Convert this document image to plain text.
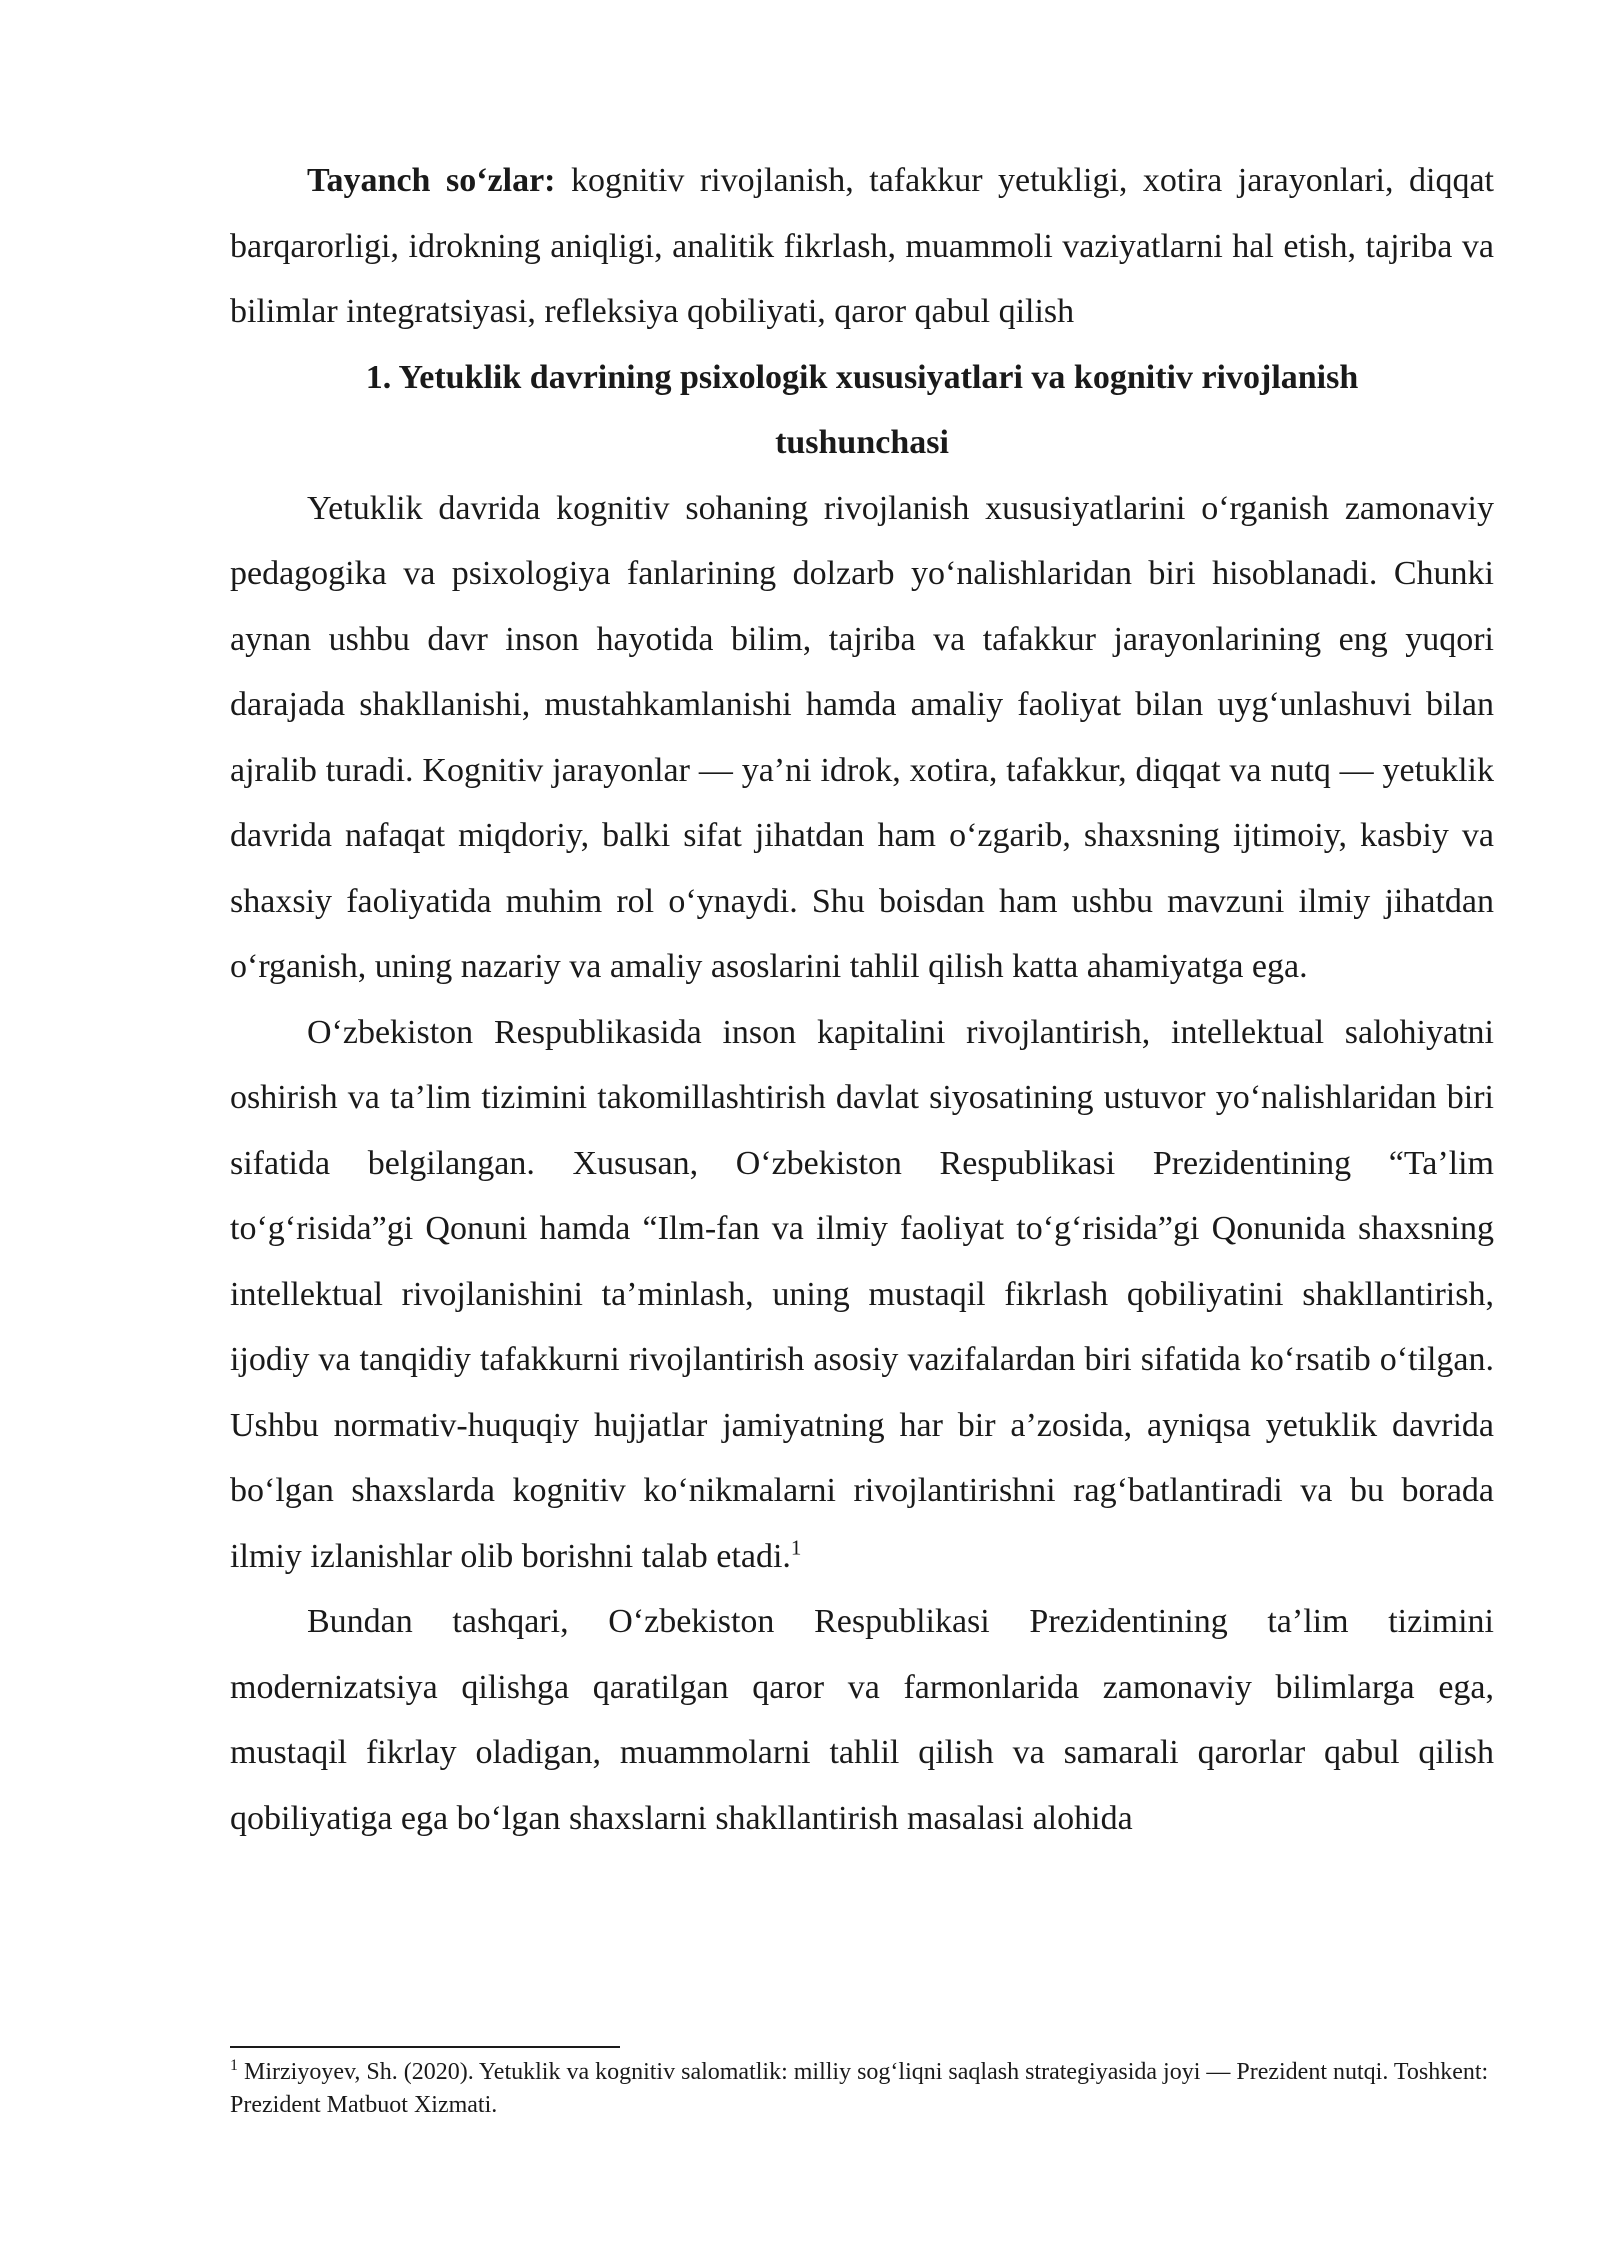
Tayanch so‘zlar: kognitiv rivojlanish, tafakkur yetukligi, xotira jarayonlari, diqqat barqarorligi, idrokning aniqligi, analitik fikrlash, muammoli vaziyatlarni hal etish, tajriba va bilimlar integratsiyasi, refleksiya qobiliyati, qaror qabul qilish

1. Yetuklik davrining psixologik xususiyatlari va kognitiv rivojlanish tushunchasi

Yetuklik davrida kognitiv sohaning rivojlanish xususiyatlarini o‘rganish zamonaviy pedagogika va psixologiya fanlarining dolzarb yo‘nalishlaridan biri hisoblanadi. Chunki aynan ushbu davr inson hayotida bilim, tajriba va tafakkur jarayonlarining eng yuqori darajada shakllanishi, mustahkamlanishi hamda amaliy faoliyat bilan uyg‘unlashuvi bilan ajralib turadi. Kognitiv jarayonlar — ya’ni idrok, xotira, tafakkur, diqqat va nutq — yetuklik davrida nafaqat miqdoriy, balki sifat jihatdan ham o‘zgarib, shaxsning ijtimoiy, kasbiy va shaxsiy faoliyatida muhim rol o‘ynaydi. Shu boisdan ham ushbu mavzuni ilmiy jihatdan o‘rganish, uning nazariy va amaliy asoslarini tahlil qilish katta ahamiyatga ega.

O‘zbekiston Respublikasida inson kapitalini rivojlantirish, intellektual salohiyatni oshirish va ta’lim tizimini takomillashtirish davlat siyosatining ustuvor yo‘nalishlaridan biri sifatida belgilangan. Xususan, O‘zbekiston Respublikasi Prezidentining “Ta’lim to‘g‘risida”gi Qonuni hamda “Ilm-fan va ilmiy faoliyat to‘g‘risida”gi Qonunida shaxsning intellektual rivojlanishini ta’minlash, uning mustaqil fikrlash qobiliyatini shakllantirish, ijodiy va tanqidiy tafakkurni rivojlantirish asosiy vazifalardan biri sifatida ko‘rsatib o‘tilgan. Ushbu normativ-huquqiy hujjatlar jamiyatning har bir a’zosida, ayniqsa yetuklik davrida bo‘lgan shaxslarda kognitiv ko‘nikmalarni rivojlantirishni rag‘batlantiradi va bu borada ilmiy izlanishlar olib borishni talab etadi.$^1$

Bundan tashqari, O‘zbekiston Respublikasi Prezidentining ta’lim tizimini modernizatsiya qilishga qaratilgan qaror va farmonlarida zamonaviy bilimlarga ega, mustaqil fikrlay oladigan, muammolarni tahlil qilish va samarali qarorlar qabul qilish qobiliyatiga ega bo‘lgan shaxslarni shakllantirish masalasi alohida

$^1$ Mirziyoyev, Sh. (2020). Yetuklik va kognitiv salomatlik: milliy sog‘liqni saqlash strategiyasida joyi — Prezident nutqi. Toshkent: Prezident Matbuot Xizmati.
